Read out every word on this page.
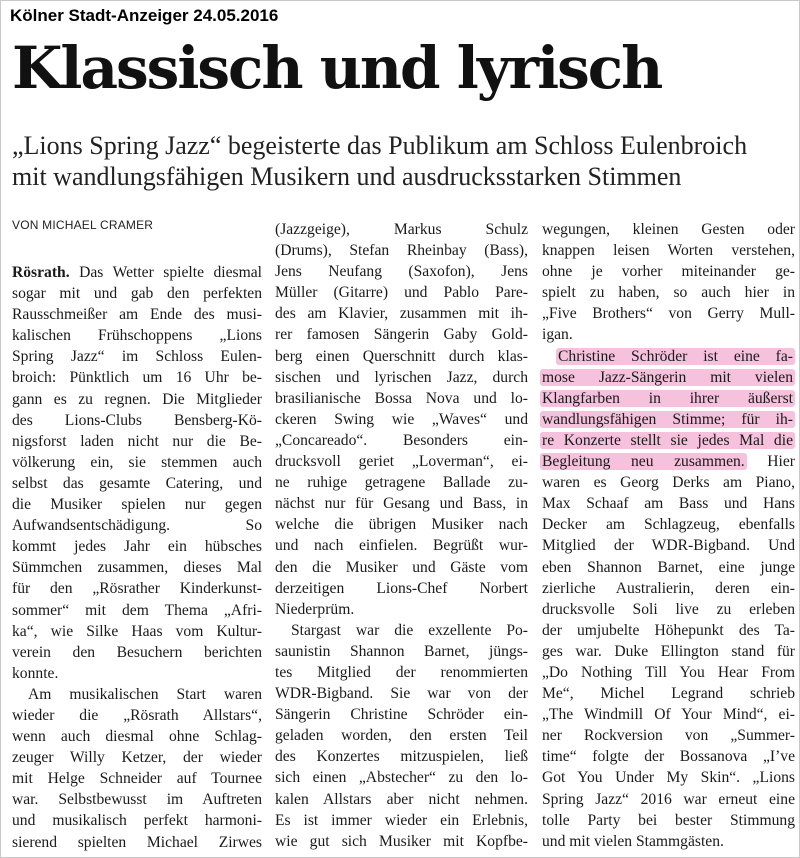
Kölner Stadt-Anzeiger 24.05.2016
Klassisch und lyrisch
„Lions Spring Jazz“ begeisterte das Publikum am Schloss Eulenbroich
mit wandlungsfähigen Musikern und ausdrucksstarken Stimmen
VON MICHAEL CRAMER
Rösrath. Das Wetter spielte diesmal
sogar mit und gab den perfekten
Rausschmeißer am Ende des musi-
kalischen Frühschoppens „Lions
Spring Jazz“ im Schloss Eulen-
broich: Pünktlich um 16 Uhr be-
gann es zu regnen. Die Mitglieder
des Lions-Clubs Bensberg-Kö-
nigsforst laden nicht nur die Be-
völkerung ein, sie stemmen auch
selbst das gesamte Catering, und
die Musiker spielen nur gegen
Aufwandsentschädigung. So
kommt jedes Jahr ein hübsches
Sümmchen zusammen, dieses Mal
für den „Rösrather Kinderkunst-
sommer“ mit dem Thema „Afri-
ka“, wie Silke Haas vom Kultur-
verein den Besuchern berichten
konnte.
Am musikalischen Start waren
wieder die „Rösrath Allstars“,
wenn auch diesmal ohne Schlag-
zeuger Willy Ketzer, der wieder
mit Helge Schneider auf Tournee
war. Selbstbewusst im Auftreten
und musikalisch perfekt harmoni-
sierend spielten Michael Zirwes
(Jazzgeige), Markus Schulz
(Drums), Stefan Rheinbay (Bass),
Jens Neufang (Saxofon), Jens
Müller (Gitarre) und Pablo Pare-
des am Klavier, zusammen mit ih-
rer famosen Sängerin Gaby Gold-
berg einen Querschnitt durch klas-
sischen und lyrischen Jazz, durch
brasilianische Bossa Nova und lo-
ckeren Swing wie „Waves“ und
„Concareado“. Besonders ein-
drucksvoll geriet „Loverman“, ei-
ne ruhige getragene Ballade zu-
nächst nur für Gesang und Bass, in
welche die übrigen Musiker nach
und nach einfielen. Begrüßt wur-
den die Musiker und Gäste vom
derzeitigen Lions-Chef Norbert
Niederprüm.
Stargast war die exzellente Po-
saunistin Shannon Barnet, jüngs-
tes Mitglied der renommierten
WDR-Bigband. Sie war von der
Sängerin Christine Schröder ein-
geladen worden, den ersten Teil
des Konzertes mitzuspielen, ließ
sich einen „Abstecher“ zu den lo-
kalen Allstars aber nicht nehmen.
Es ist immer wieder ein Erlebnis,
wie gut sich Musiker mit Kopfbe-
wegungen, kleinen Gesten oder
knappen leisen Worten verstehen,
ohne je vorher miteinander ge-
spielt zu haben, so auch hier in
„Five Brothers“ von Gerry Mull-
igan.
Christine Schröder ist eine fa-
mose Jazz-Sängerin mit vielen
Klangfarben in ihrer äußerst
wandlungsfähigen Stimme; für ih-
re Konzerte stellt sie jedes Mal die
Begleitung neu zusammen. Hier
waren es Georg Derks am Piano,
Max Schaaf am Bass und Hans
Decker am Schlagzeug, ebenfalls
Mitglied der WDR-Bigband. Und
eben Shannon Barnet, eine junge
zierliche Australierin, deren ein-
drucksvolle Soli live zu erleben
der umjubelte Höhepunkt des Ta-
ges war. Duke Ellington stand für
„Do Nothing Till You Hear From
Me“, Michel Legrand schrieb
„The Windmill Of Your Mind“, ei-
ner Rockversion von „Summer-
time“ folgte der Bossanova „I’ve
Got You Under My Skin“. „Lions
Spring Jazz“ 2016 war erneut eine
tolle Party bei bester Stimmung
und mit vielen Stammgästen.
